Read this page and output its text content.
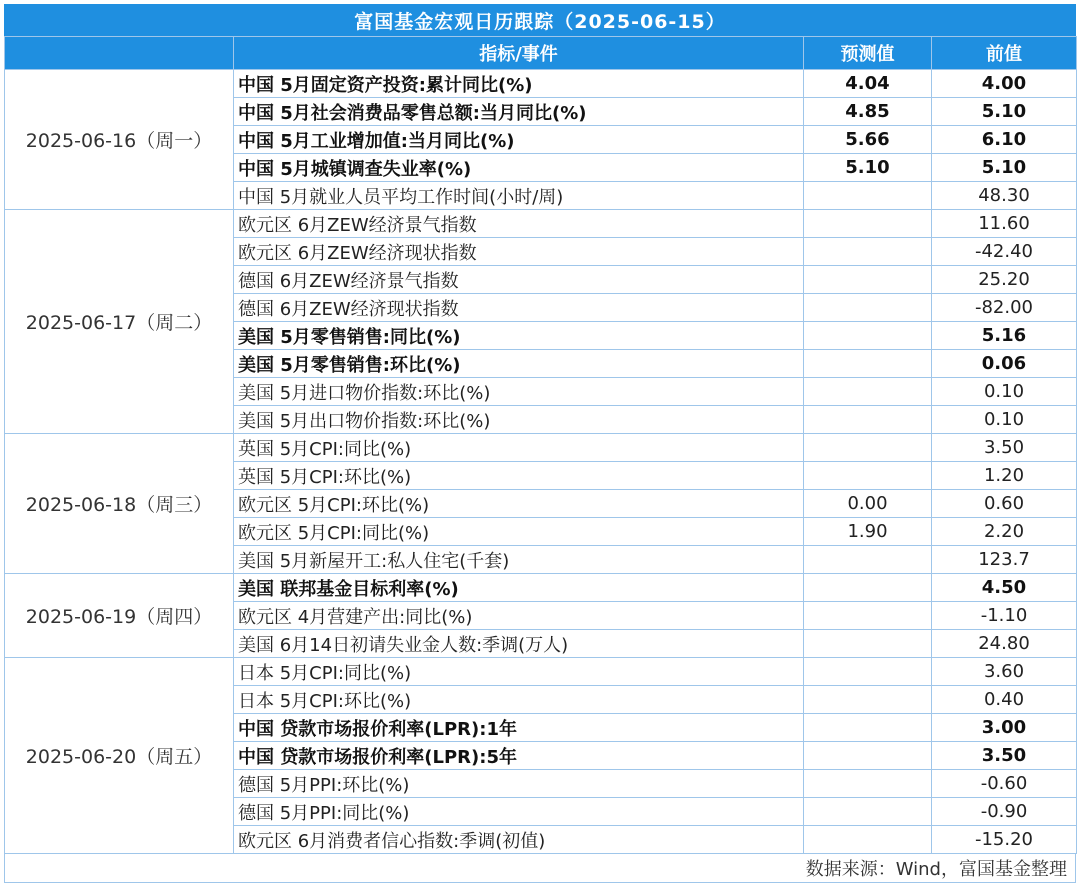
富国基金宏观日历跟踪（2025-06-15）
	指标/事件	预测值	前值
2025-06-16（周一）	中国 5月固定资产投资:累计同比(%)	4.04	4.00
	中国 5月社会消费品零售总额:当月同比(%)	4.85	5.10
	中国 5月工业增加值:当月同比(%)	5.66	6.10
	中国 5月城镇调查失业率(%)	5.10	5.10
	中国 5月就业人员平均工作时间(小时/周)		48.30
2025-06-17（周二）	欧元区 6月ZEW经济景气指数		11.60
	欧元区 6月ZEW经济现状指数		-42.40
	德国 6月ZEW经济景气指数		25.20
	德国 6月ZEW经济现状指数		-82.00
	美国 5月零售销售:同比(%)		5.16
	美国 5月零售销售:环比(%)		0.06
	美国 5月进口物价指数:环比(%)		0.10
	美国 5月出口物价指数:环比(%)		0.10
2025-06-18（周三）	英国 5月CPI:同比(%)		3.50
	英国 5月CPI:环比(%)		1.20
	欧元区 5月CPI:环比(%)	0.00	0.60
	欧元区 5月CPI:同比(%)	1.90	2.20
	美国 5月新屋开工:私人住宅(千套)		123.7
2025-06-19（周四）	美国 联邦基金目标利率(%)		4.50
	欧元区 4月营建产出:同比(%)		-1.10
	美国 6月14日初请失业金人数:季调(万人)		24.80
2025-06-20（周五）	日本 5月CPI:同比(%)		3.60
	日本 5月CPI:环比(%)		0.40
	中国 贷款市场报价利率(LPR):1年		3.00
	中国 贷款市场报价利率(LPR):5年		3.50
	德国 5月PPI:环比(%)		-0.60
	德国 5月PPI:同比(%)		-0.90
	欧元区 6月消费者信心指数:季调(初值)		-15.20
数据来源：Wind，富国基金整理
